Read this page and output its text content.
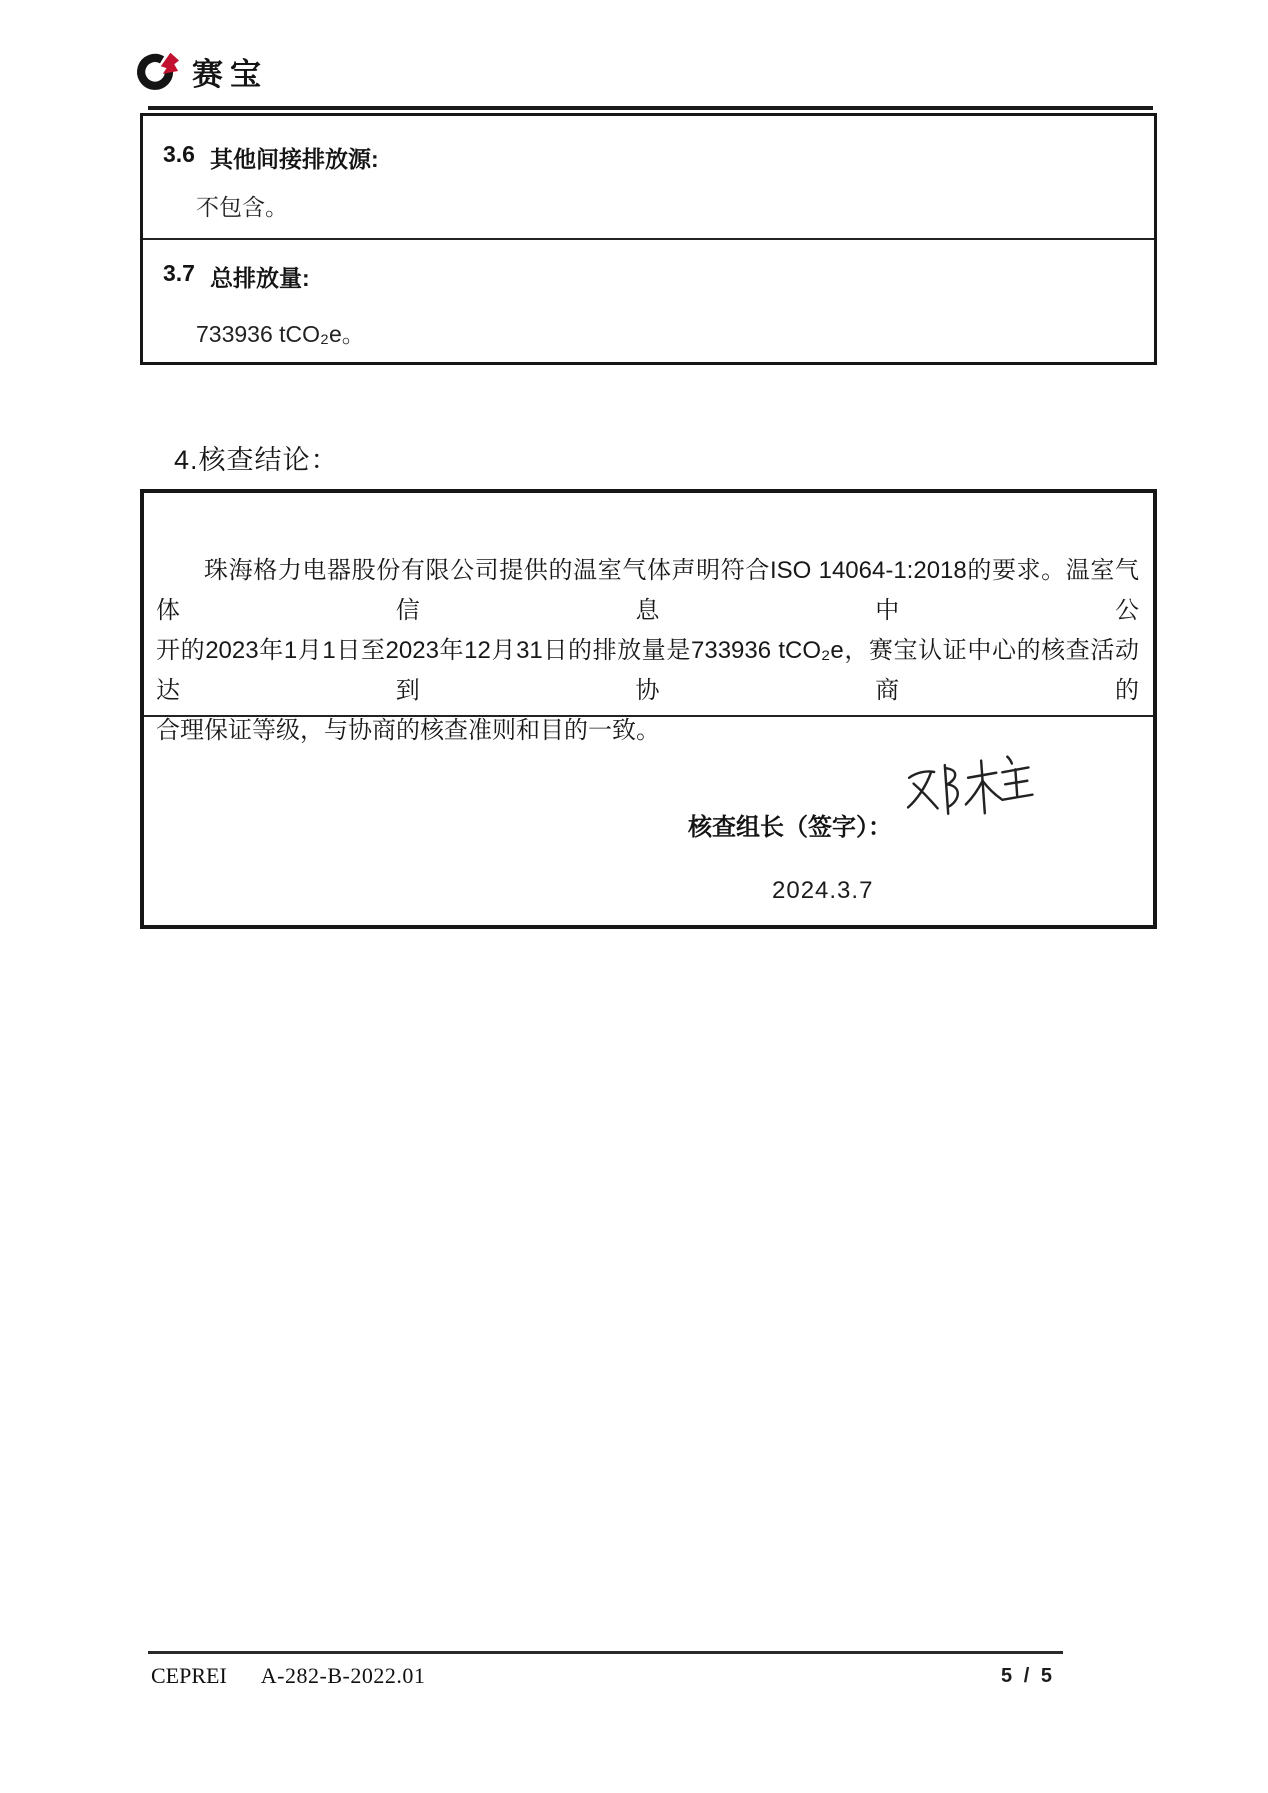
赛宝
3.6 其他间接排放源:
不包含。
3.7 总排放量:
733936 tCO₂e。
4.核查结论：
珠海格力电器股份有限公司提供的温室气体声明符合ISO 14064-1:2018的要求。温室气体信息中公
开的2023年1月1日至2023年12月31日的排放量是733936 tCO₂e，赛宝认证中心的核查活动达到协商的
合理保证等级，与协商的核查准则和目的一致。
核查组长（签字）：
2024.3.7
CEPREI A-282-B-2022.01	5 / 5
